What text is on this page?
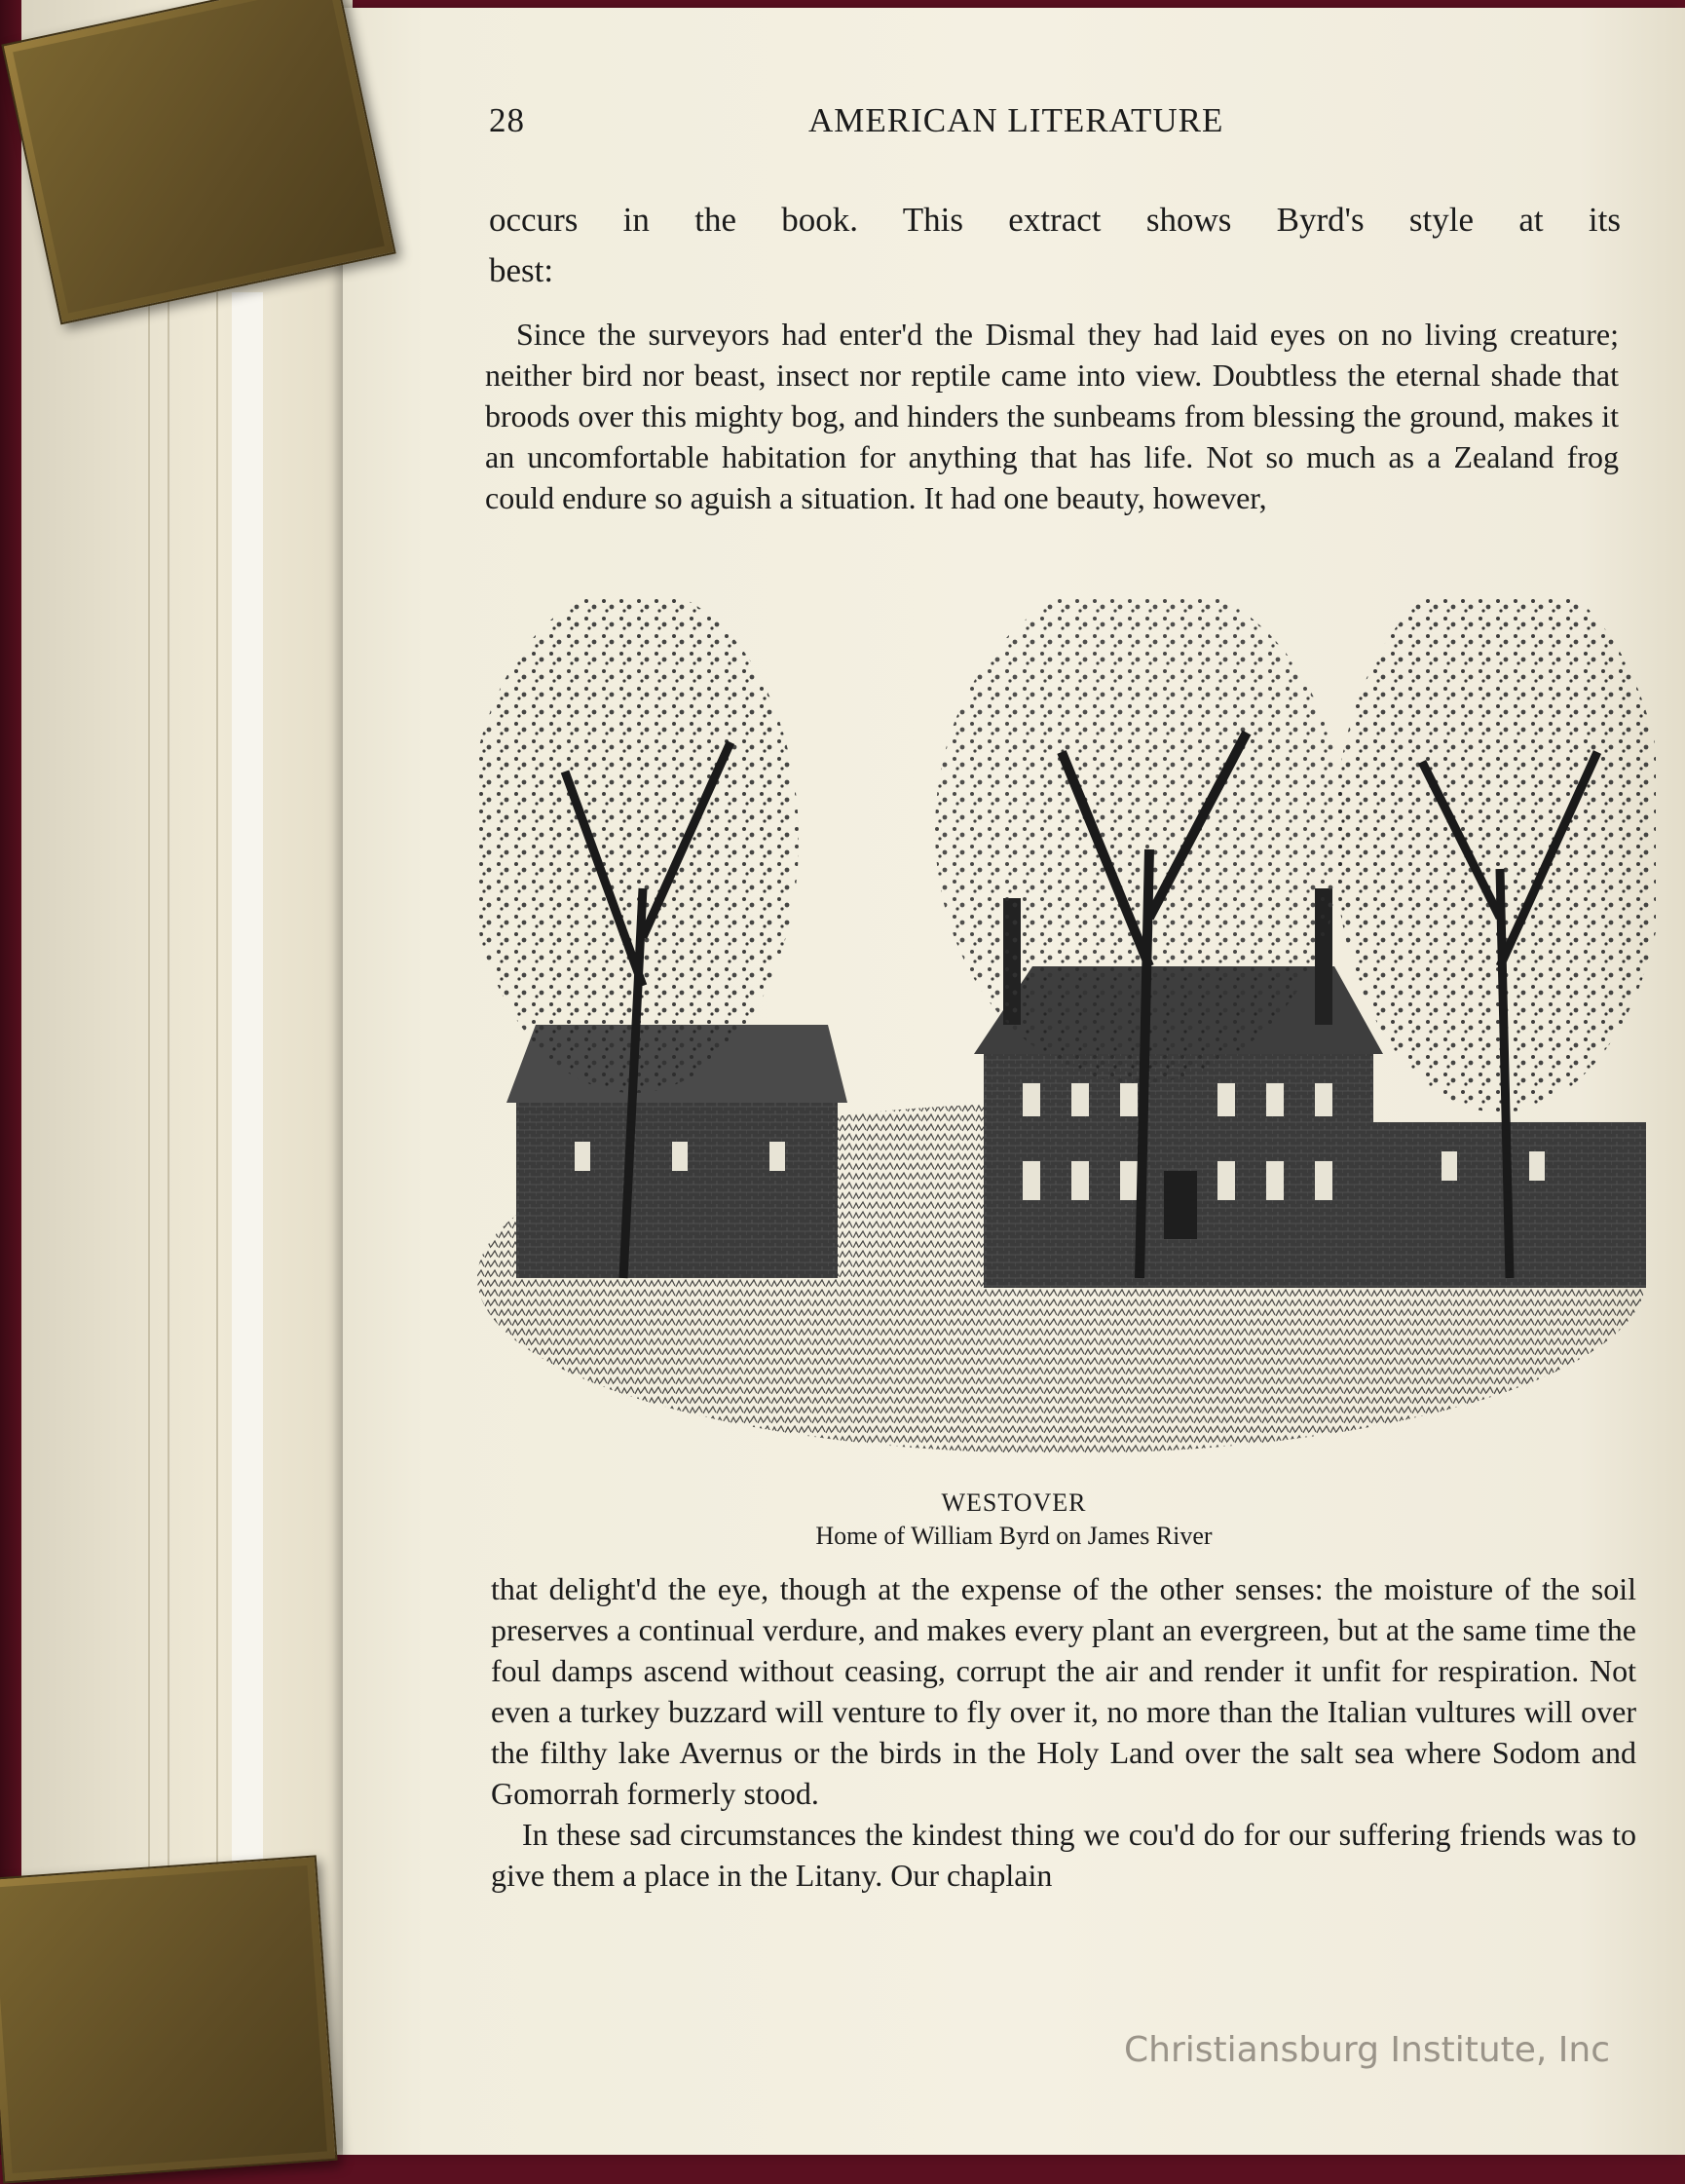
28	AMERICAN LITERATURE

occurs in the book. This extract shows Byrd's style at its

best:

Since the surveyors had enter'd the Dismal they had laid eyes on no living creature; neither bird nor beast, insect nor reptile came into view. Doubtless the eternal shade that broods over this mighty bog, and hinders the sunbeams from blessing the ground, makes it an uncomfortable habitation for anything that has life. Not so much as a Zealand frog could endure so aguish a situation. It had one beauty, however,

WESTOVER
Home of William Byrd on James River

that delight'd the eye, though at the expense of the other senses: the moisture of the soil preserves a continual verdure, and makes every plant an evergreen, but at the same time the foul damps ascend without ceasing, corrupt the air and render it unfit for respiration. Not even a turkey buzzard will venture to fly over it, no more than the Italian vultures will over the filthy lake Avernus or the birds in the Holy Land over the salt sea where Sodom and Gomorrah formerly stood.

In these sad circumstances the kindest thing we cou'd do for our suffering friends was to give them a place in the Litany. Our chaplain

Christiansburg Institute, Inc
